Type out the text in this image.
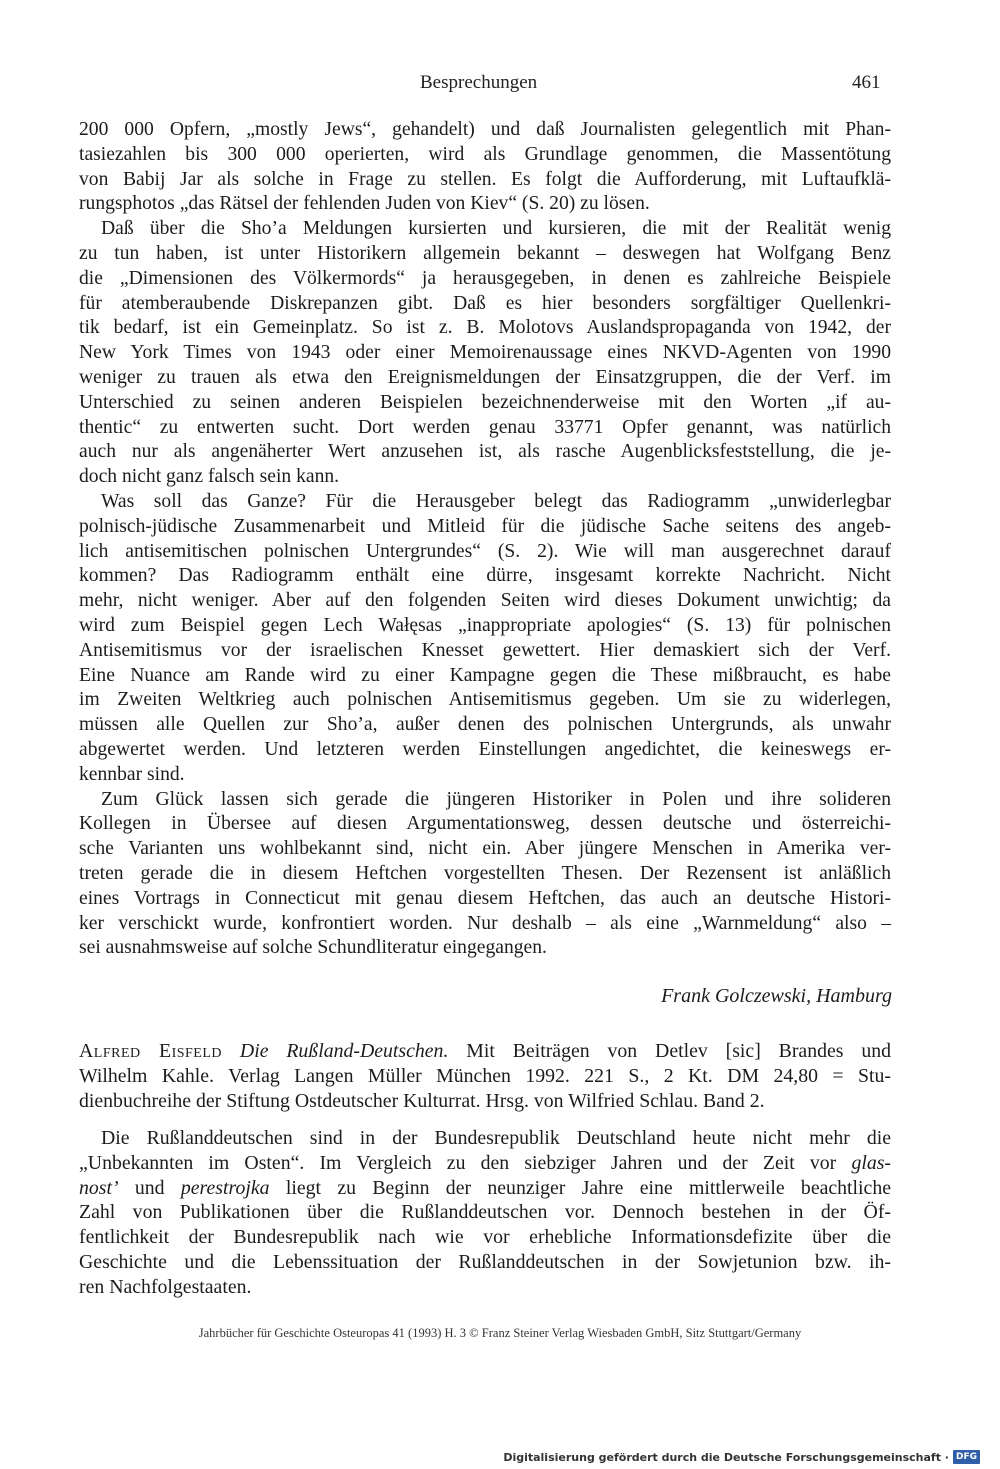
Besprechungen	461
200 000 Opfern, „mostly Jews“, gehandelt) und daß Journalisten gelegentlich mit Phan-
tasiezahlen bis 300 000 operierten, wird als Grundlage genommen, die Massentötung
von Babij Jar als solche in Frage zu stellen. Es folgt die Aufforderung, mit Luftaufklä-
rungsphotos „das Rätsel der fehlenden Juden von Kiev“ (S. 20) zu lösen.
Daß über die Sho’a Meldungen kursierten und kursieren, die mit der Realität wenig
zu tun haben, ist unter Historikern allgemein bekannt – deswegen hat Wolfgang Benz
die „Dimensionen des Völkermords“ ja herausgegeben, in denen es zahlreiche Beispiele
für atemberaubende Diskrepanzen gibt. Daß es hier besonders sorgfältiger Quellenkri-
tik bedarf, ist ein Gemeinplatz. So ist z. B. Molotovs Auslandspropaganda von 1942, der
New York Times von 1943 oder einer Memoirenaussage eines NKVD-Agenten von 1990
weniger zu trauen als etwa den Ereignismeldungen der Einsatzgruppen, die der Verf. im
Unterschied zu seinen anderen Beispielen bezeichnenderweise mit den Worten „if au-
thentic“ zu entwerten sucht. Dort werden genau 33771 Opfer genannt, was natürlich
auch nur als angenäherter Wert anzusehen ist, als rasche Augenblicksfeststellung, die je-
doch nicht ganz falsch sein kann.
Was soll das Ganze? Für die Herausgeber belegt das Radiogramm „unwiderlegbar
polnisch-jüdische Zusammenarbeit und Mitleid für die jüdische Sache seitens des angeb-
lich antisemitischen polnischen Untergrundes“ (S. 2). Wie will man ausgerechnet darauf
kommen? Das Radiogramm enthält eine dürre, insgesamt korrekte Nachricht. Nicht
mehr, nicht weniger. Aber auf den folgenden Seiten wird dieses Dokument unwichtig; da
wird zum Beispiel gegen Lech Wałęsas „inappropriate apologies“ (S. 13) für polnischen
Antisemitismus vor der israelischen Knesset gewettert. Hier demaskiert sich der Verf.
Eine Nuance am Rande wird zu einer Kampagne gegen die These mißbraucht, es habe
im Zweiten Weltkrieg auch polnischen Antisemitismus gegeben. Um sie zu widerlegen,
müssen alle Quellen zur Sho’a, außer denen des polnischen Untergrunds, als unwahr
abgewertet werden. Und letzteren werden Einstellungen angedichtet, die keineswegs er-
kennbar sind.
Zum Glück lassen sich gerade die jüngeren Historiker in Polen und ihre solideren
Kollegen in Übersee auf diesen Argumentationsweg, dessen deutsche und österreichi-
sche Varianten uns wohlbekannt sind, nicht ein. Aber jüngere Menschen in Amerika ver-
treten gerade die in diesem Heftchen vorgestellten Thesen. Der Rezensent ist anläßlich
eines Vortrags in Connecticut mit genau diesem Heftchen, das auch an deutsche Histori-
ker verschickt wurde, konfrontiert worden. Nur deshalb – als eine „Warnmeldung“ also –
sei ausnahmsweise auf solche Schundliteratur eingegangen.
Frank Golczewski, Hamburg
Alfred Eisfeld Die Rußland-Deutschen. Mit Beiträgen von Detlev [sic] Brandes und
Wilhelm Kahle. Verlag Langen Müller München 1992. 221 S., 2 Kt. DM 24,80 = Stu-
dienbuchreihe der Stiftung Ostdeutscher Kulturrat. Hrsg. von Wilfried Schlau. Band 2.
Die Rußlanddeutschen sind in der Bundesrepublik Deutschland heute nicht mehr die
„Unbekannten im Osten“. Im Vergleich zu den siebziger Jahren und der Zeit vor glas-
nost’ und perestrojka liegt zu Beginn der neunziger Jahre eine mittlerweile beachtliche
Zahl von Publikationen über die Rußlanddeutschen vor. Dennoch bestehen in der Öf-
fentlichkeit der Bundesrepublik nach wie vor erhebliche Informationsdefizite über die
Geschichte und die Lebenssituation der Rußlanddeutschen in der Sowjetunion bzw. ih-
ren Nachfolgestaaten.
Jahrbücher für Geschichte Osteuropas 41 (1993) H. 3 © Franz Steiner Verlag Wiesbaden GmbH, Sitz Stuttgart/Germany
Digitalisierung gefördert durch die Deutsche Forschungsgemeinschaft · DFG
